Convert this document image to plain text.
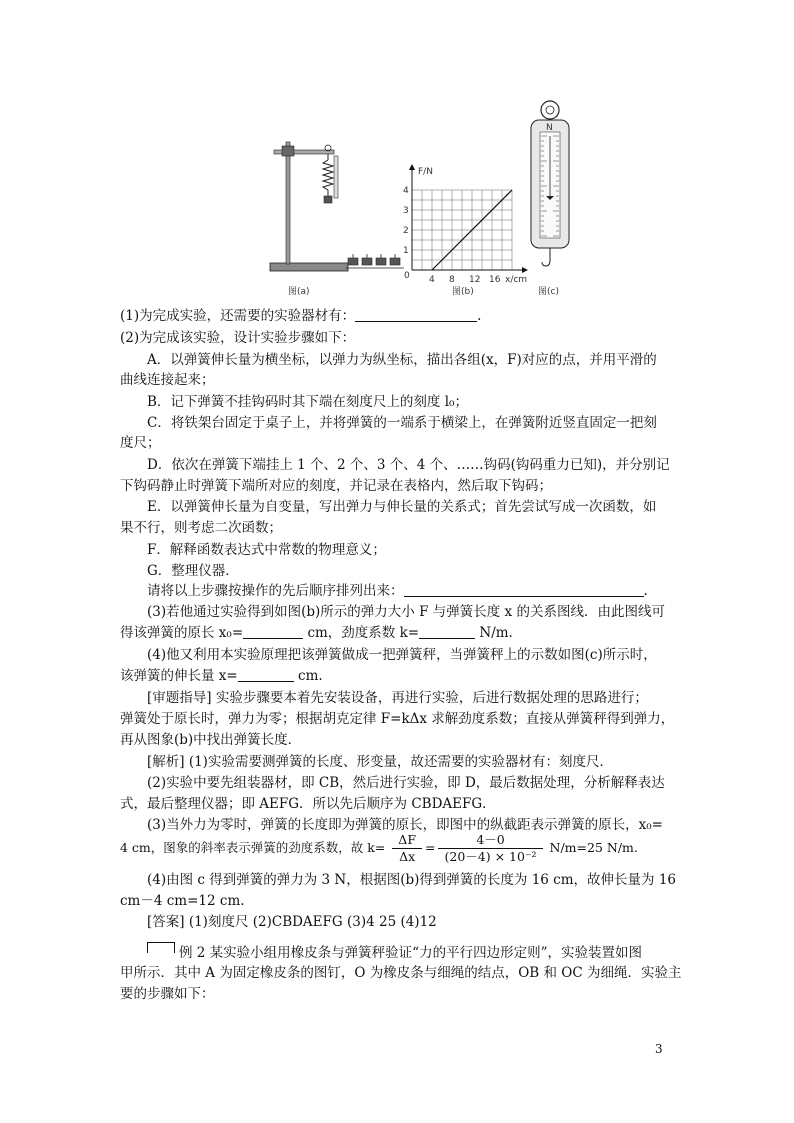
图(a)
F/N
x/cm
0
1
2
3
4
4 8 12 16
图(b)
N
图(c)
(1)为完成实验，还需要的实验器材有：	.
(2)为完成该实验，设计实验步骤如下：
A．以弹簧伸长量为横坐标，以弹力为纵坐标，描出各组(x，F)对应的点，并用平滑的
曲线连接起来；
B．记下弹簧不挂钩码时其下端在刻度尺上的刻度 l₀；
C．将铁架台固定于桌子上，并将弹簧的一端系于横梁上，在弹簧附近竖直固定一把刻
度尺；
D．依次在弹簧下端挂上 1 个、2 个、3 个、4 个、……钩码(钩码重力已知)，并分别记
下钩码静止时弹簧下端所对应的刻度，并记录在表格内，然后取下钩码；
E．以弹簧伸长量为自变量，写出弹力与伸长量的关系式；首先尝试写成一次函数，如
果不行，则考虑二次函数；
F．解释函数表达式中常数的物理意义；
G．整理仪器．
请将以上步骤按操作的先后顺序排列出来：	.
(3)若他通过实验得到如图(b)所示的弹力大小 F 与弹簧长度 x 的关系图线．由此图线可
得该弹簧的原长 x₀=	cm，劲度系数 k=	N/m.
(4)他又利用本实验原理把该弹簧做成一把弹簧秤，当弹簧秤上的示数如图(c)所示时，
该弹簧的伸长量 x=	cm.
[审题指导] 实验步骤要本着先安装设备，再进行实验，后进行数据处理的思路进行；
弹簧处于原长时，弹力为零；根据胡克定律 F=kΔx 求解劲度系数；直接从弹簧秤得到弹力，
再从图象(b)中找出弹簧长度．
[解析] (1)实验需要测弹簧的长度、形变量，故还需要的实验器材有：刻度尺．
(2)实验中要先组装器材，即 CB，然后进行实验，即 D，最后数据处理，分析解释表达
式，最后整理仪器；即 AEFG．所以先后顺序为 CBDAEFG．
(3)当外力为零时，弹簧的长度即为弹簧的原长，即图中的纵截距表示弹簧的原长，x₀=
4 cm，图象的斜率表示弹簧的劲度系数，故 $k= \frac{\Delta F}{\Delta x} = \frac{4-0}{\text{(20－4) × 10⁻²}} N/m=25$ N/m.
(4)由图 c 得到弹簧的弹力为 3 N，根据图(b)得到弹簧的长度为 16 cm，故伸长量为 16
cm－4 cm=12 cm.
[答案] (1)刻度尺 (2)CBDAEFG (3)4 25 (4)12
例 2 某实验小组用橡皮条与弹簧秤验证“力的平行四边形定则”，实验装置如图
甲所示．其中 A 为固定橡皮条的图钉，O 为橡皮条与细绳的结点，OB 和 OC 为细绳．实验主
要的步骤如下：
3
